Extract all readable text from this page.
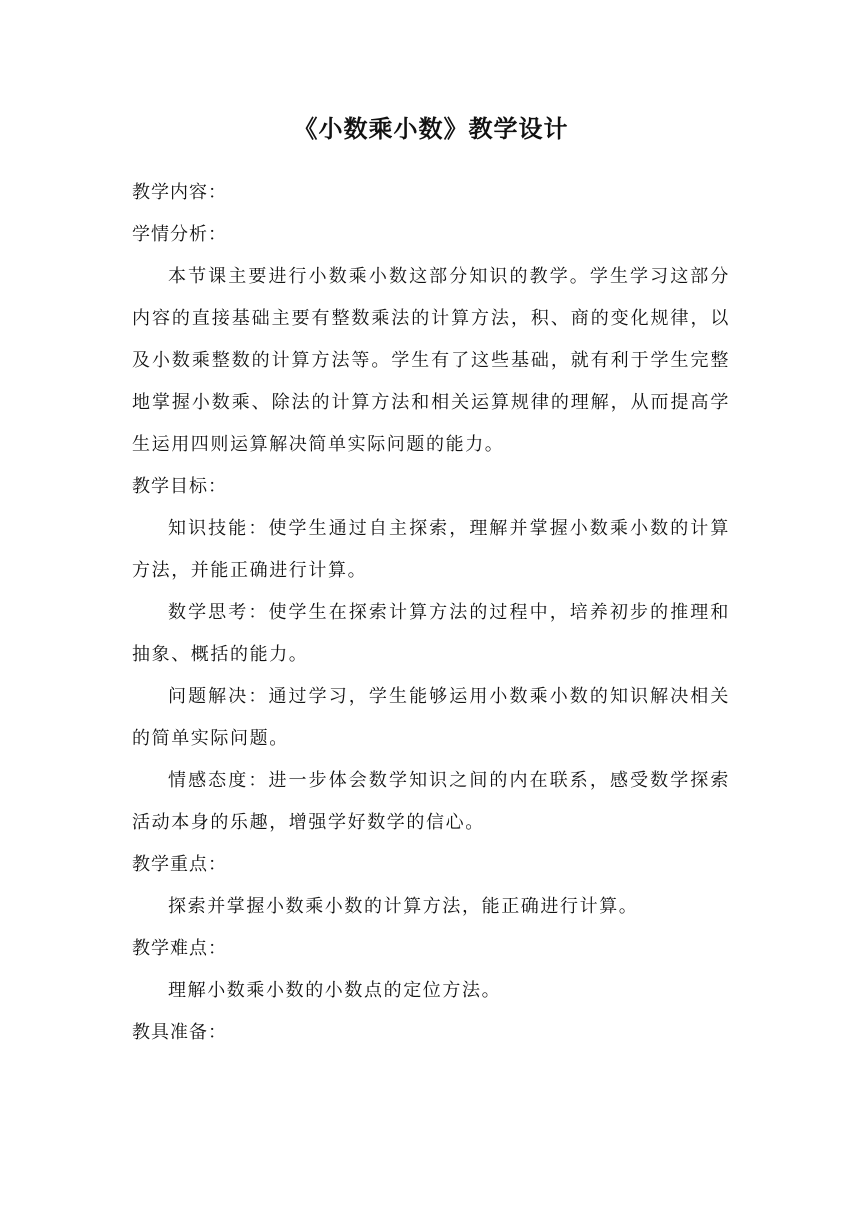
《小数乘小数》教学设计

教学内容：

学情分析：

本节课主要进行小数乘小数这部分知识的教学。学生学习这部分内容的直接基础主要有整数乘法的计算方法，积、商的变化规律，以及小数乘整数的计算方法等。学生有了这些基础，就有利于学生完整地掌握小数乘、除法的计算方法和相关运算规律的理解，从而提高学生运用四则运算解决简单实际问题的能力。

教学目标：

知识技能：使学生通过自主探索，理解并掌握小数乘小数的计算方法，并能正确进行计算。

数学思考：使学生在探索计算方法的过程中，培养初步的推理和抽象、概括的能力。

问题解决：通过学习，学生能够运用小数乘小数的知识解决相关的简单实际问题。

情感态度：进一步体会数学知识之间的内在联系，感受数学探索活动本身的乐趣，增强学好数学的信心。

教学重点：

探索并掌握小数乘小数的计算方法，能正确进行计算。

教学难点：

理解小数乘小数的小数点的定位方法。

教具准备：
